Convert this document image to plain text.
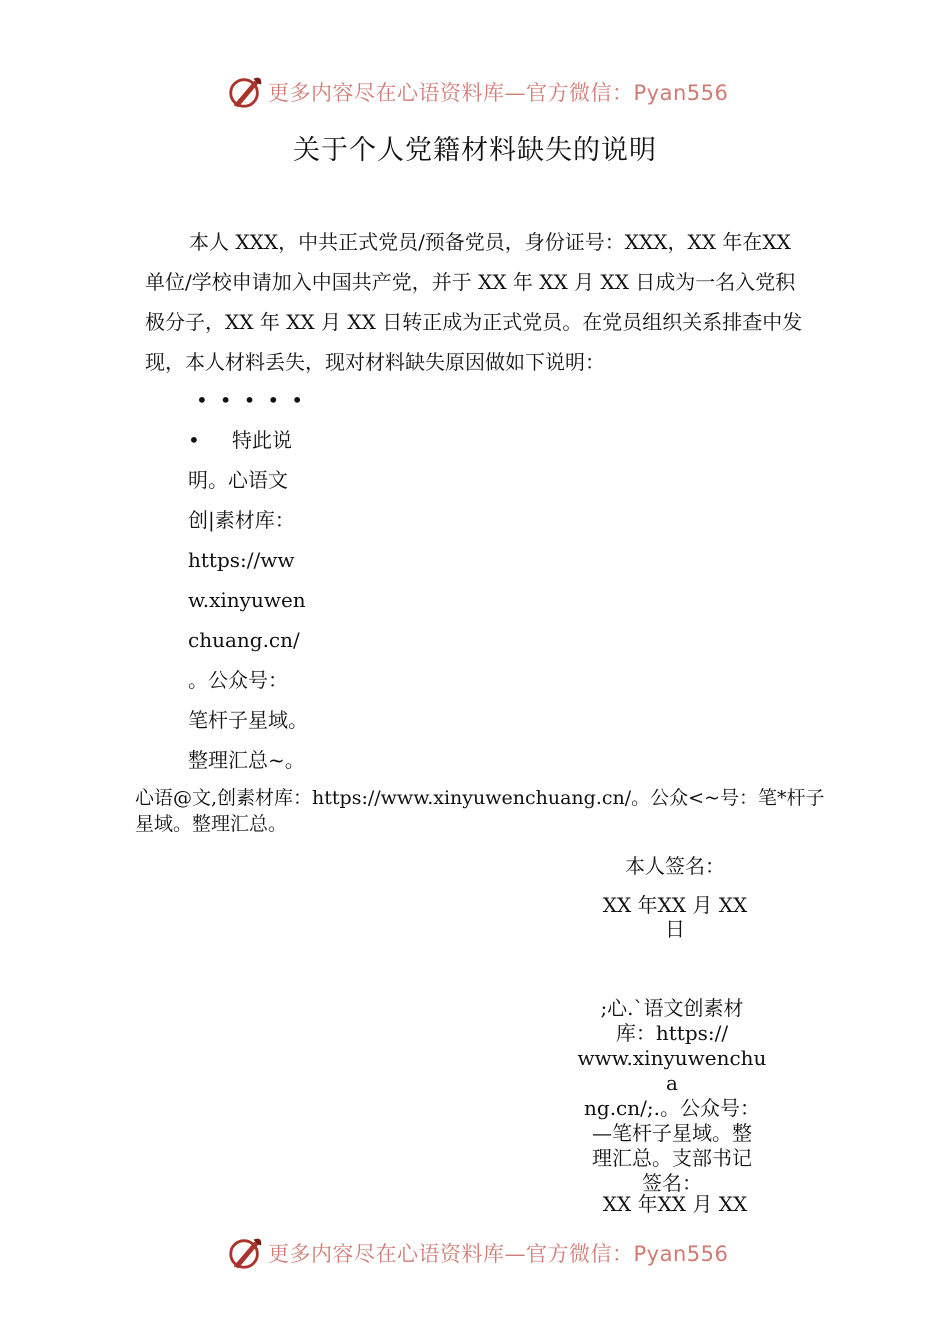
更多内容尽在心语资料库—官方微信：Pyan556
关于个人党籍材料缺失的说明

本人 XXX，中共正式党员/预备党员，身份证号：XXX，XX 年在XX 单位/学校申请加入中国共产党，并于 XX 年 XX 月 XX 日成为一名入党积极分子，XX 年 XX 月 XX 日转正成为正式党员。在党员组织关系排查中发现，本人材料丢失，现对材料缺失原因做如下说明：

•••••
• 特此说
明。心语文
创|素材库：
https://ww
w.xinyuwen
chuang.cn/
。公众号：
笔杆子星域。
整理汇总~。
心语@文,创素材库：https://www.xinyuwenchuang.cn/。公众<~号：笔*杆子星域。整理汇总。
本人签名：
XX 年XX 月 XX
日
;心.`语文创素材
库：https://
www.xinyuwenchua
ng.cn/;.。公众号：
—笔杆子星域。整
理汇总。支部书记
签名：
XX 年XX 月 XX
更多内容尽在心语资料库—官方微信：Pyan556
